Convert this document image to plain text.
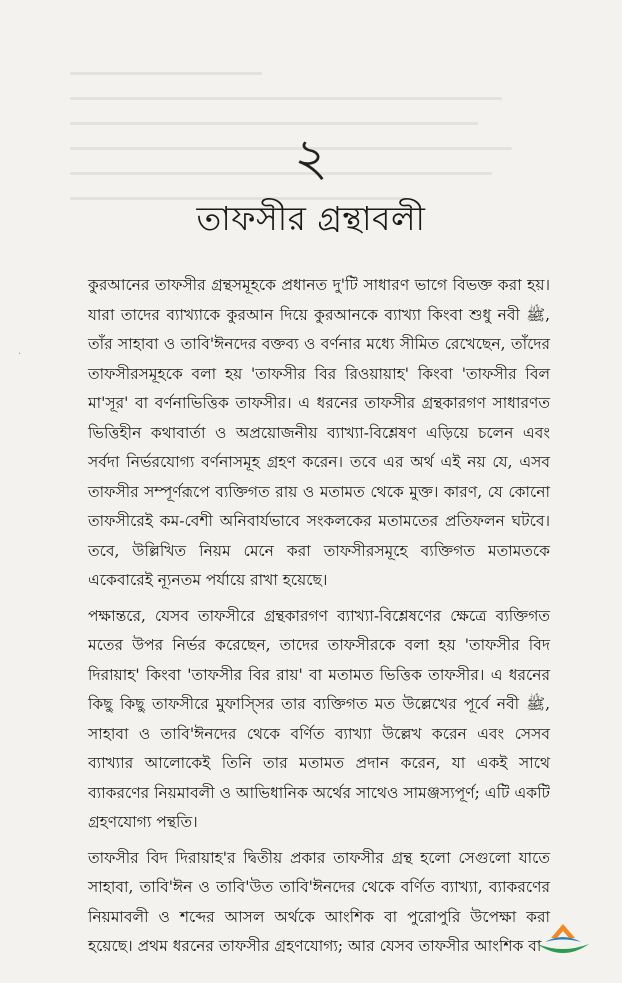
·
২
তাফসীর গ্রন্থাবলী

কুরআনের তাফসীর গ্রন্থসমূহকে প্রধানত দু'টি সাধারণ ভাগে বিভক্ত করা হয়। যারা তাদের ব্যাখ্যাকে কুরআন দিয়ে কুরআনকে ব্যাখ্যা কিংবা শুধু নবী ﷺ, তাঁর সাহাবা ও তাবি'ঈনদের বক্তব্য ও বর্ণনার মধ্যে সীমিত রেখেছেন, তাঁদের তাফসীরসমূহকে বলা হয় 'তাফসীর বির রিওয়ায়াহ' কিংবা 'তাফসীর বিল মা'সূর' বা বর্ণনাভিত্তিক তাফসীর। এ ধরনের তাফসীর গ্রন্থকারগণ সাধারণত ভিত্তিহীন কথাবার্তা ও অপ্রয়োজনীয় ব্যাখ্যা-বিশ্লেষণ এড়িয়ে চলেন এবং সর্বদা নির্ভরযোগ্য বর্ণনাসমূহ গ্রহণ করেন। তবে এর অর্থ এই নয় যে, এসব তাফসীর সম্পূর্ণরূপে ব্যক্তিগত রায় ও মতামত থেকে মুক্ত। কারণ, যে কোনো তাফসীরেই কম-বেশী অনিবার্যভাবে সংকলকের মতামতের প্রতিফলন ঘটবে। তবে, উল্লিখিত নিয়ম মেনে করা তাফসীরসমূহে ব্যক্তিগত মতামতকে একেবারেই ন্যূনতম পর্যায়ে রাখা হয়েছে।

পক্ষান্তরে, যেসব তাফসীরে গ্রন্থকারগণ ব্যাখ্যা-বিশ্লেষণের ক্ষেত্রে ব্যক্তিগত মতের উপর নির্ভর করেছেন, তাদের তাফসীরকে বলা হয় 'তাফসীর বিদ দিরায়াহ' কিংবা 'তাফসীর বির রায়' বা মতামত ভিত্তিক তাফসীর। এ ধরনের কিছু কিছু তাফসীরে মুফাস্সির তার ব্যক্তিগত মত উল্লেখের পূর্বে নবী ﷺ, সাহাবা ও তাবি'ঈনদের থেকে বর্ণিত ব্যাখ্যা উল্লেখ করেন এবং সেসব ব্যাখ্যার আলোকেই তিনি তার মতামত প্রদান করেন, যা একই সাথে ব্যাকরণের নিয়মাবলী ও আভিধানিক অর্থের সাথেও সামঞ্জস্যপূর্ণ; এটি একটি গ্রহণযোগ্য পন্থতি।

তাফসীর বিদ দিরায়াহ'র দ্বিতীয় প্রকার তাফসীর গ্রন্থ হলো সেগুলো যাতে সাহাবা, তাবি'ঈন ও তাবি'উত তাবি'ঈনদের থেকে বর্ণিত ব্যাখ্যা, ব্যাকরণের নিয়মাবলী ও শব্দের আসল অর্থকে আংশিক বা পুরোপুরি উপেক্ষা করা হয়েছে। প্রথম ধরনের তাফসীর গ্রহণযোগ্য; আর যেসব তাফসীর আংশিক বা
